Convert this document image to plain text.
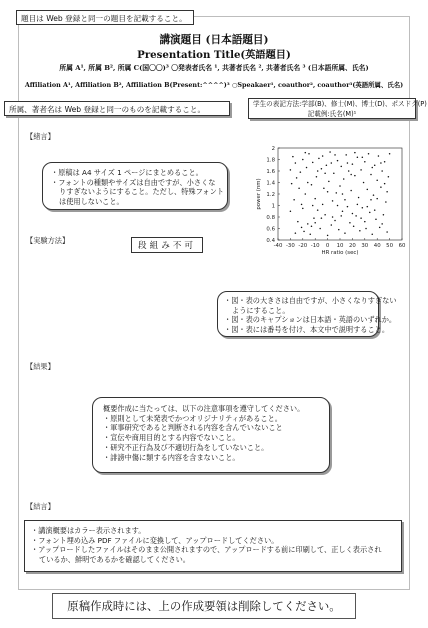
題目は Web 登録と同一の題目を記載すること。
講演題目 (日本語題目)
Presentation Title(英語題目)
所属 A¹, 所属 B², 所属 C(国〇〇)³ 〇発表者氏名 ¹, 共著者氏名 ², 共著者氏名 ³ (日本語所属、氏名)
Affiliation A¹, Affiliation B², Affiliation B(Present:^^^^)³ ○Speakaer¹, coauthor², coauthor³(英語所属、氏名)
所属、著者名は Web 登録と同一のものを記載すること。
学生の表記方法:学部(B)、修士(M)、博士(D)、ポスドク(P)
記載例:氏名(M)¹
【緒言】
【実験方法】
【結果】
【結言】
・原稿は A4 サイズ 1 ページにまとめること。
・フォントの種類やサイズは自由ですが、小さくな
りすぎないようにすること。ただし、特殊フォント
は使用しないこと。
-40 -30 -20 -10 0 10 20 30 40 50 60
2
1.8
1.6
1.4
1.2
1
0.8
0.6
0.4
HR ratio (sec)
power (nm)
段組み不可
・図・表の大きさは自由ですが、小さくなりすぎない
ようにすること。
・図・表のキャプションは日本語・英語のいずれか。
・図・表には番号を付け、本文中で説明すること。
概要作成に当たっては、以下の注意事項を遵守してください。
・原則として未発表でかつオリジナリティがあること。
・軍事研究であると判断される内容を含んでいないこと
・宣伝や商用目的とする内容でないこと。
・研究不正行為及び不適切行為をしていないこと。
・誹謗中傷に類する内容を含まないこと。
・講演概要はカラー表示されます。
・フォント埋め込み PDF ファイルに変換して、アップロードしてください。
・アップロードしたファイルはそのまま公開されますので、アップロードする前に印刷して、正しく表示され
ているか、鮮明であるかを確認してください。
原稿作成時には、上の作成要領は削除してください。
